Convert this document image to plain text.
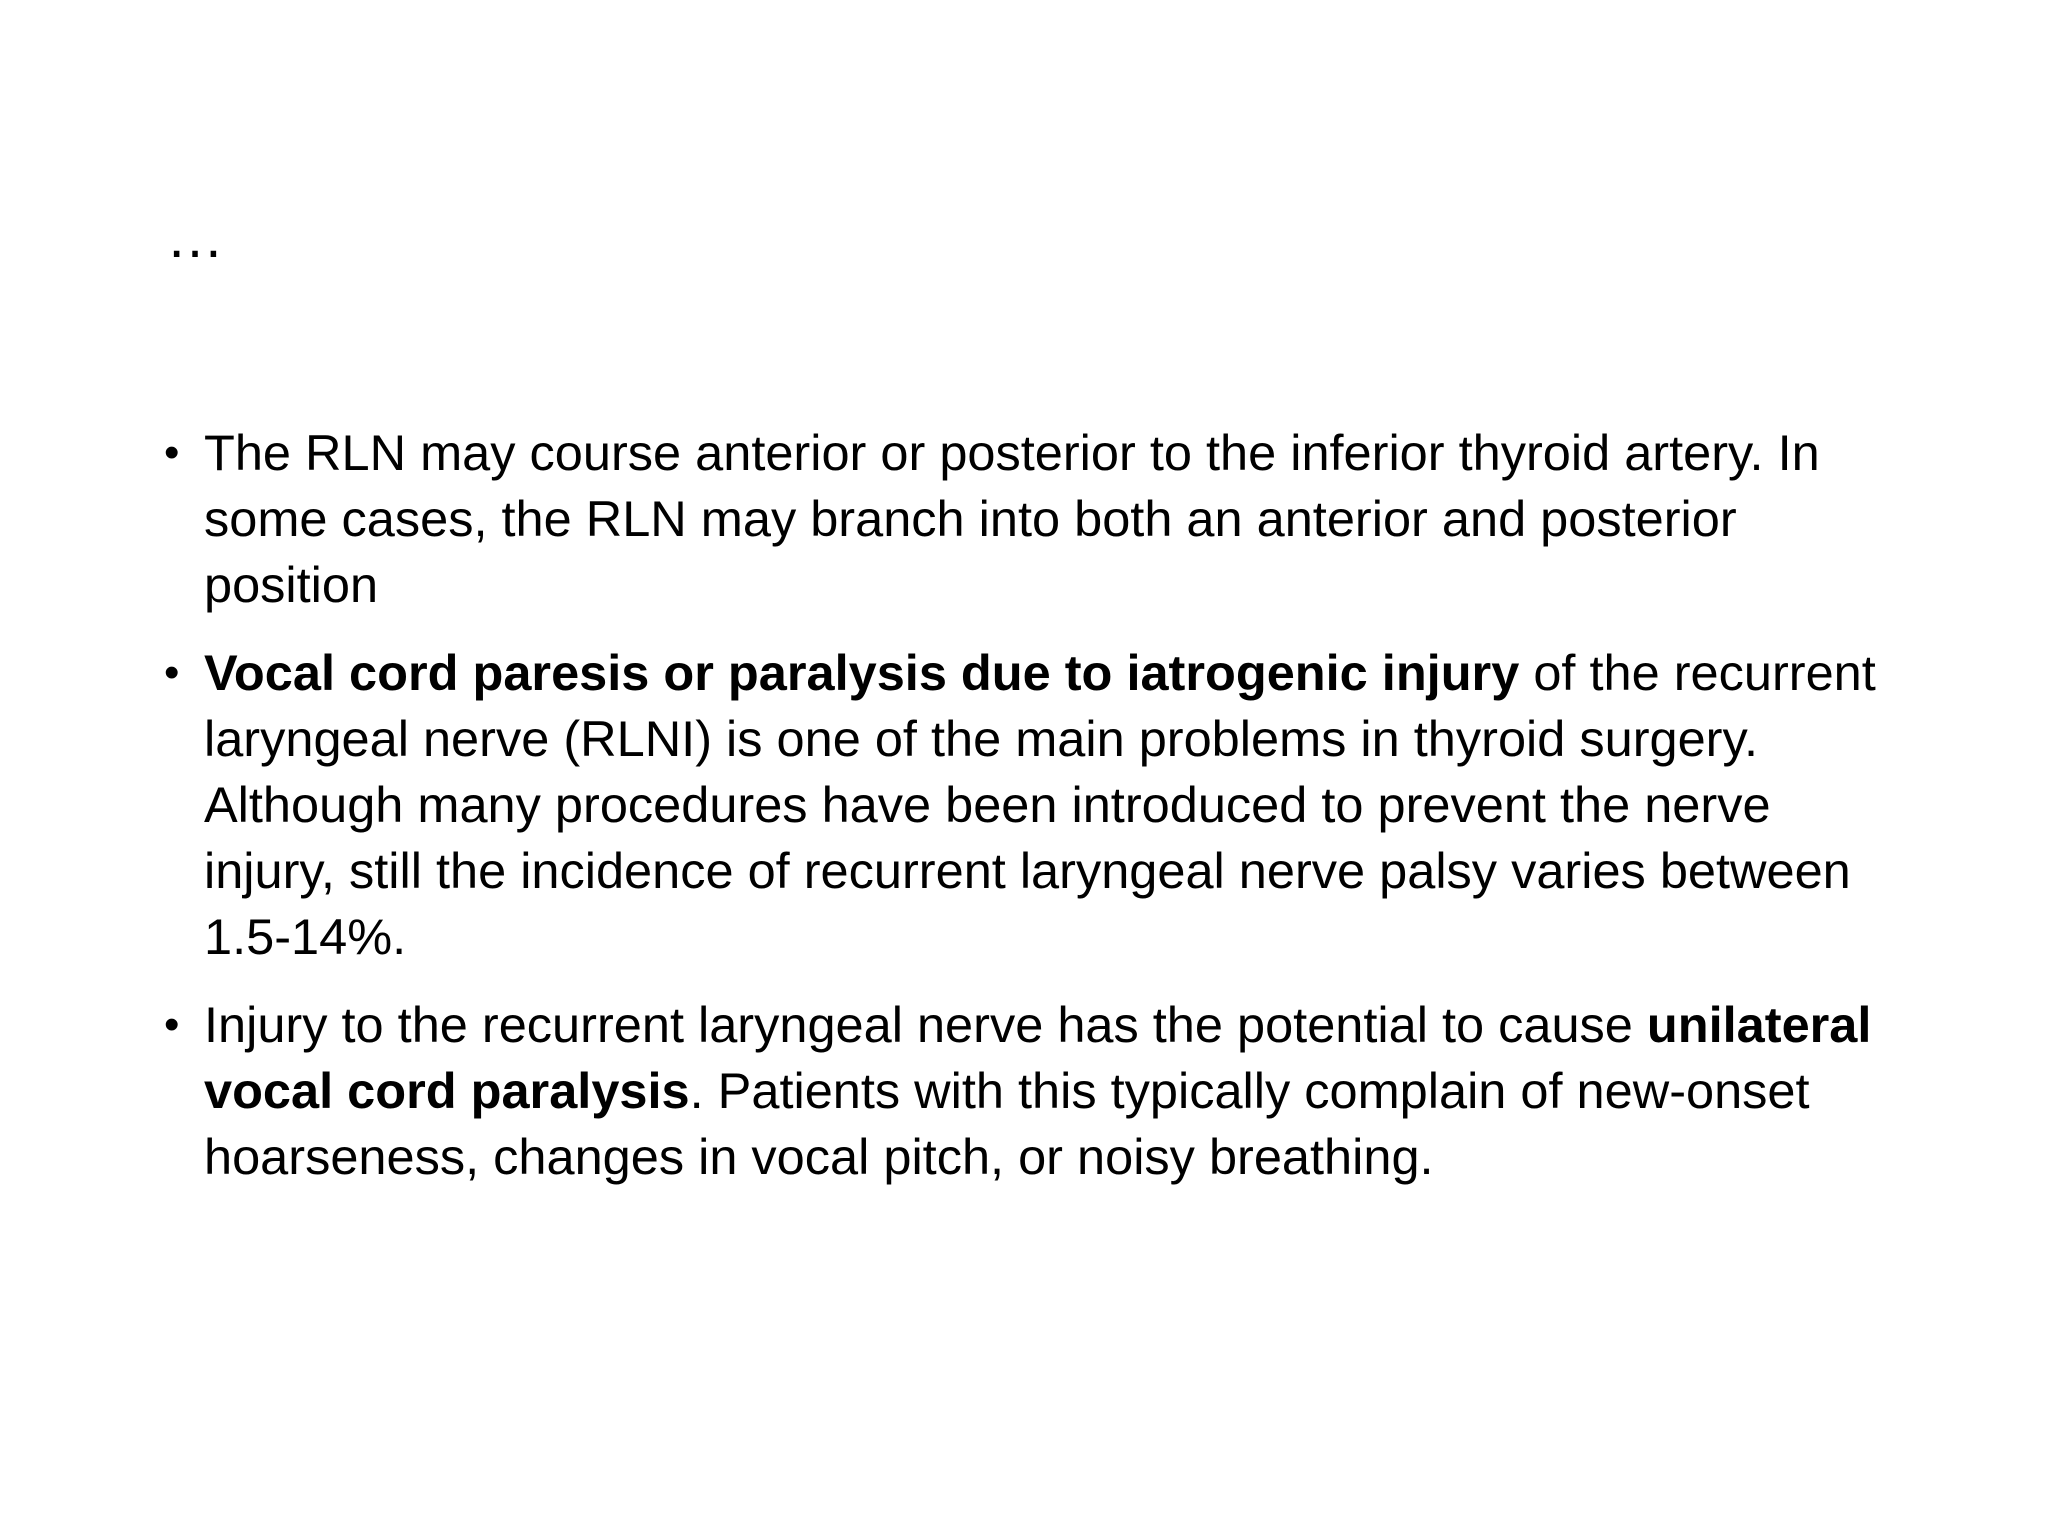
…
• The RLN may course anterior or posterior to the inferior thyroid artery. In some cases, the RLN may branch into both an anterior and posterior position
• Vocal cord paresis or paralysis due to iatrogenic injury of the recurrent laryngeal nerve (RLNI) is one of the main problems in thyroid surgery. Although many procedures have been introduced to prevent the nerve injury, still the incidence of recurrent laryngeal nerve palsy varies between 1.5-14%.
• Injury to the recurrent laryngeal nerve has the potential to cause unilateral vocal cord paralysis. Patients with this typically complain of new-onset hoarseness, changes in vocal pitch, or noisy breathing.
